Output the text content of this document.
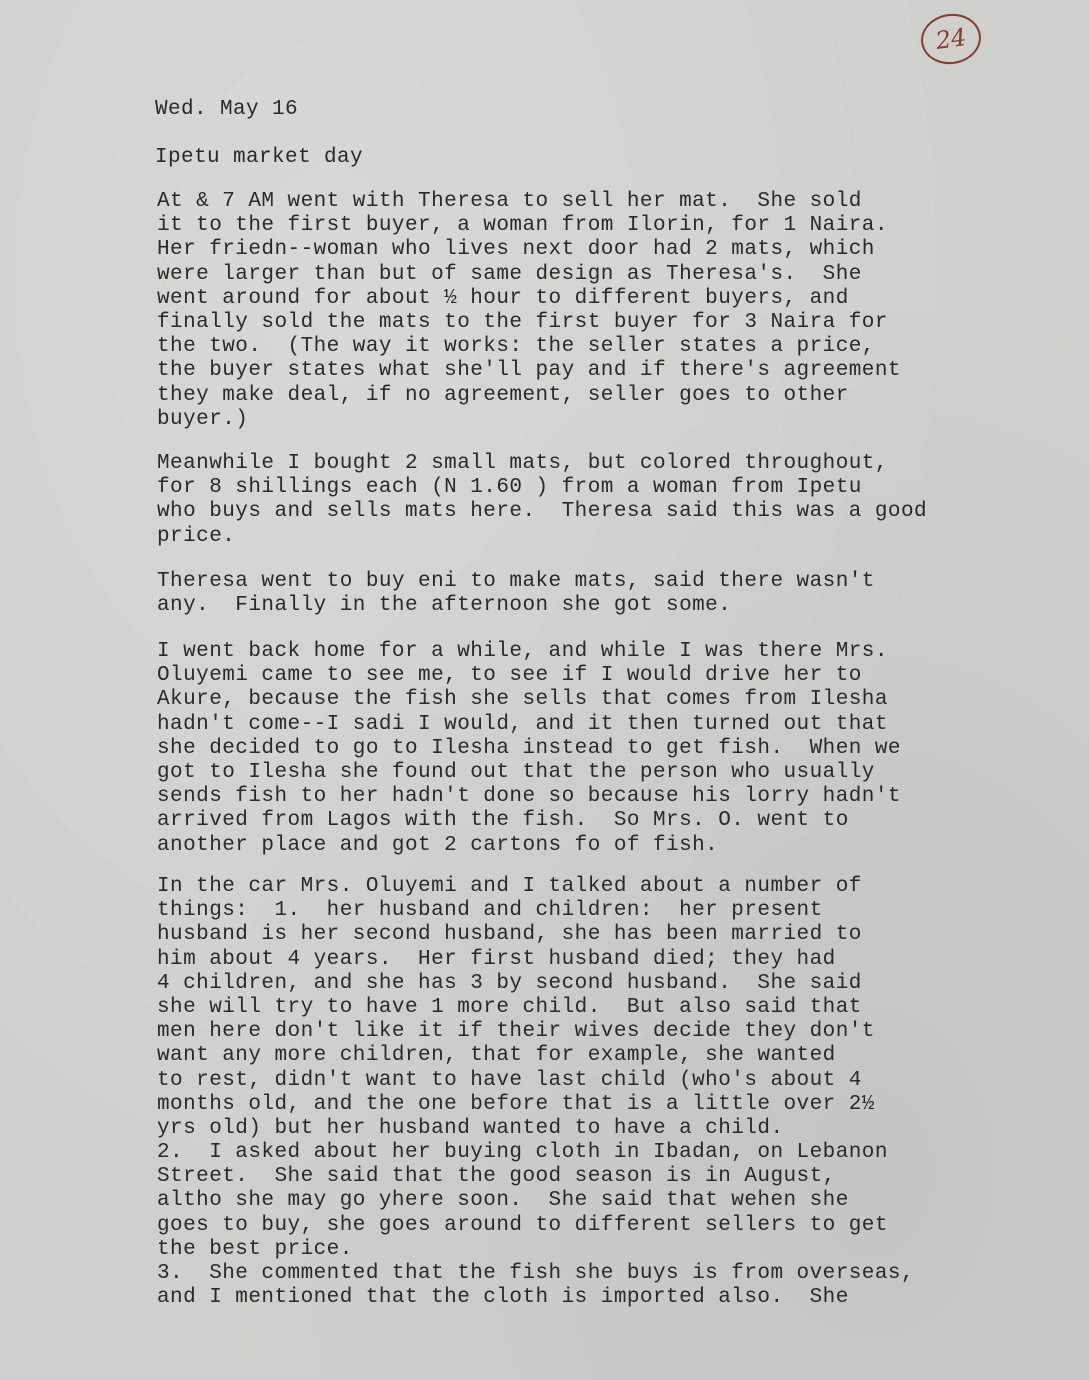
24
Wed. May 16
Ipetu market day
At & 7 AM went with Theresa to sell her mat.  She sold
it to the first buyer, a woman from Ilorin, for 1 Naira.
Her friedn--woman who lives next door had 2 mats, which
were larger than but of same design as Theresa's.  She
went around for about ½ hour to different buyers, and
finally sold the mats to the first buyer for 3 Naira for
the two.  (The way it works: the seller states a price,
the buyer states what she'll pay and if there's agreement
they make deal, if no agreement, seller goes to other
buyer.)
Meanwhile I bought 2 small mats, but colored throughout,
for 8 shillings each (N 1.60 ) from a woman from Ipetu
who buys and sells mats here.  Theresa said this was a good
price.
Theresa went to buy eni to make mats, said there wasn't
any.  Finally in the afternoon she got some.
I went back home for a while, and while I was there Mrs.
Oluyemi came to see me, to see if I would drive her to
Akure, because the fish she sells that comes from Ilesha
hadn't come--I sadi I would, and it then turned out that
she decided to go to Ilesha instead to get fish.  When we
got to Ilesha she found out that the person who usually
sends fish to her hadn't done so because his lorry hadn't
arrived from Lagos with the fish.  So Mrs. O. went to
another place and got 2 cartons fo of fish.
In the car Mrs. Oluyemi and I talked about a number of
things:  1.  her husband and children:  her present
husband is her second husband, she has been married to
him about 4 years.  Her first husband died; they had
4 children, and she has 3 by second husband.  She said
she will try to have 1 more child.  But also said that
men here don't like it if their wives decide they don't
want any more children, that for example, she wanted
to rest, didn't want to have last child (who's about 4
months old, and the one before that is a little over 2½
yrs old) but her husband wanted to have a child.
2.  I asked about her buying cloth in Ibadan, on Lebanon
Street.  She said that the good season is in August,
altho she may go yhere soon.  She said that wehen she
goes to buy, she goes around to different sellers to get
the best price.
3.  She commented that the fish she buys is from overseas,
and I mentioned that the cloth is imported also.  She
